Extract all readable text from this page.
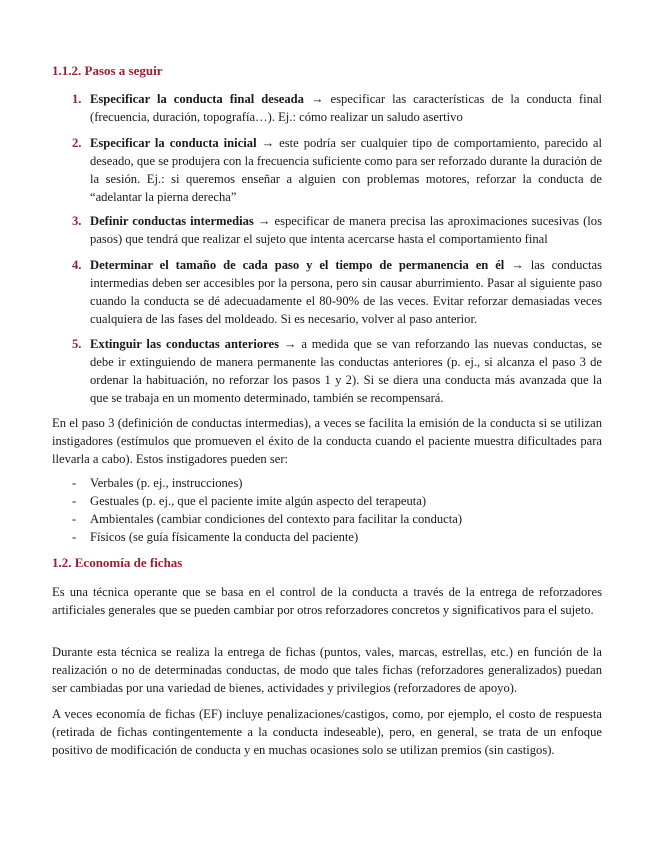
1.1.2. Pasos a seguir
1. Especificar la conducta final deseada → especificar las características de la conducta final (frecuencia, duración, topografía…). Ej.: cómo realizar un saludo asertivo

2. Especificar la conducta inicial → este podría ser cualquier tipo de comportamiento, parecido al deseado, que se produjera con la frecuencia suficiente como para ser reforzado durante la duración de la sesión. Ej.: si queremos enseñar a alguien con problemas motores, reforzar la conducta de “adelantar la pierna derecha”

3. Definir conductas intermedias → especificar de manera precisa las aproximaciones sucesivas (los pasos) que tendrá que realizar el sujeto que intenta acercarse hasta el comportamiento final

4. Determinar el tamaño de cada paso y el tiempo de permanencia en él → las conductas intermedias deben ser accesibles por la persona, pero sin causar aburrimiento. Pasar al siguiente paso cuando la conducta se dé adecuadamente el 80-90% de las veces. Evitar reforzar demasiadas veces cualquiera de las fases del moldeado. Si es necesario, volver al paso anterior.

5. Extinguir las conductas anteriores → a medida que se van reforzando las nuevas conductas, se debe ir extinguiendo de manera permanente las conductas anteriores (p. ej., si alcanza el paso 3 de ordenar la habituación, no reforzar los pasos 1 y 2). Si se diera una conducta más avanzada que la que se trabaja en un momento determinado, también se recompensará.

En el paso 3 (definición de conductas intermedias), a veces se facilita la emisión de la conducta si se utilizan instigadores (estímulos que promueven el éxito de la conducta cuando el paciente muestra dificultades para llevarla a cabo). Estos instigadores pueden ser:

- Verbales (p. ej., instrucciones)
- Gestuales (p. ej., que el paciente imite algún aspecto del terapeuta)
- Ambientales (cambiar condiciones del contexto para facilitar la conducta)
- Físicos (se guía físicamente la conducta del paciente)
1.2. Economía de fichas

Es una técnica operante que se basa en el control de la conducta a través de la entrega de reforzadores artificiales generales que se pueden cambiar por otros reforzadores concretos y significativos para el sujeto.

Durante esta técnica se realiza la entrega de fichas (puntos, vales, marcas, estrellas, etc.) en función de la realización o no de determinadas conductas, de modo que tales fichas (reforzadores generalizados) puedan ser cambiadas por una variedad de bienes, actividades y privilegios (reforzadores de apoyo).

A veces economía de fichas (EF) incluye penalizaciones/castigos, como, por ejemplo, el costo de respuesta (retirada de fichas contingentemente a la conducta indeseable), pero, en general, se trata de un enfoque positivo de modificación de conducta y en muchas ocasiones solo se utilizan premios (sin castigos).
